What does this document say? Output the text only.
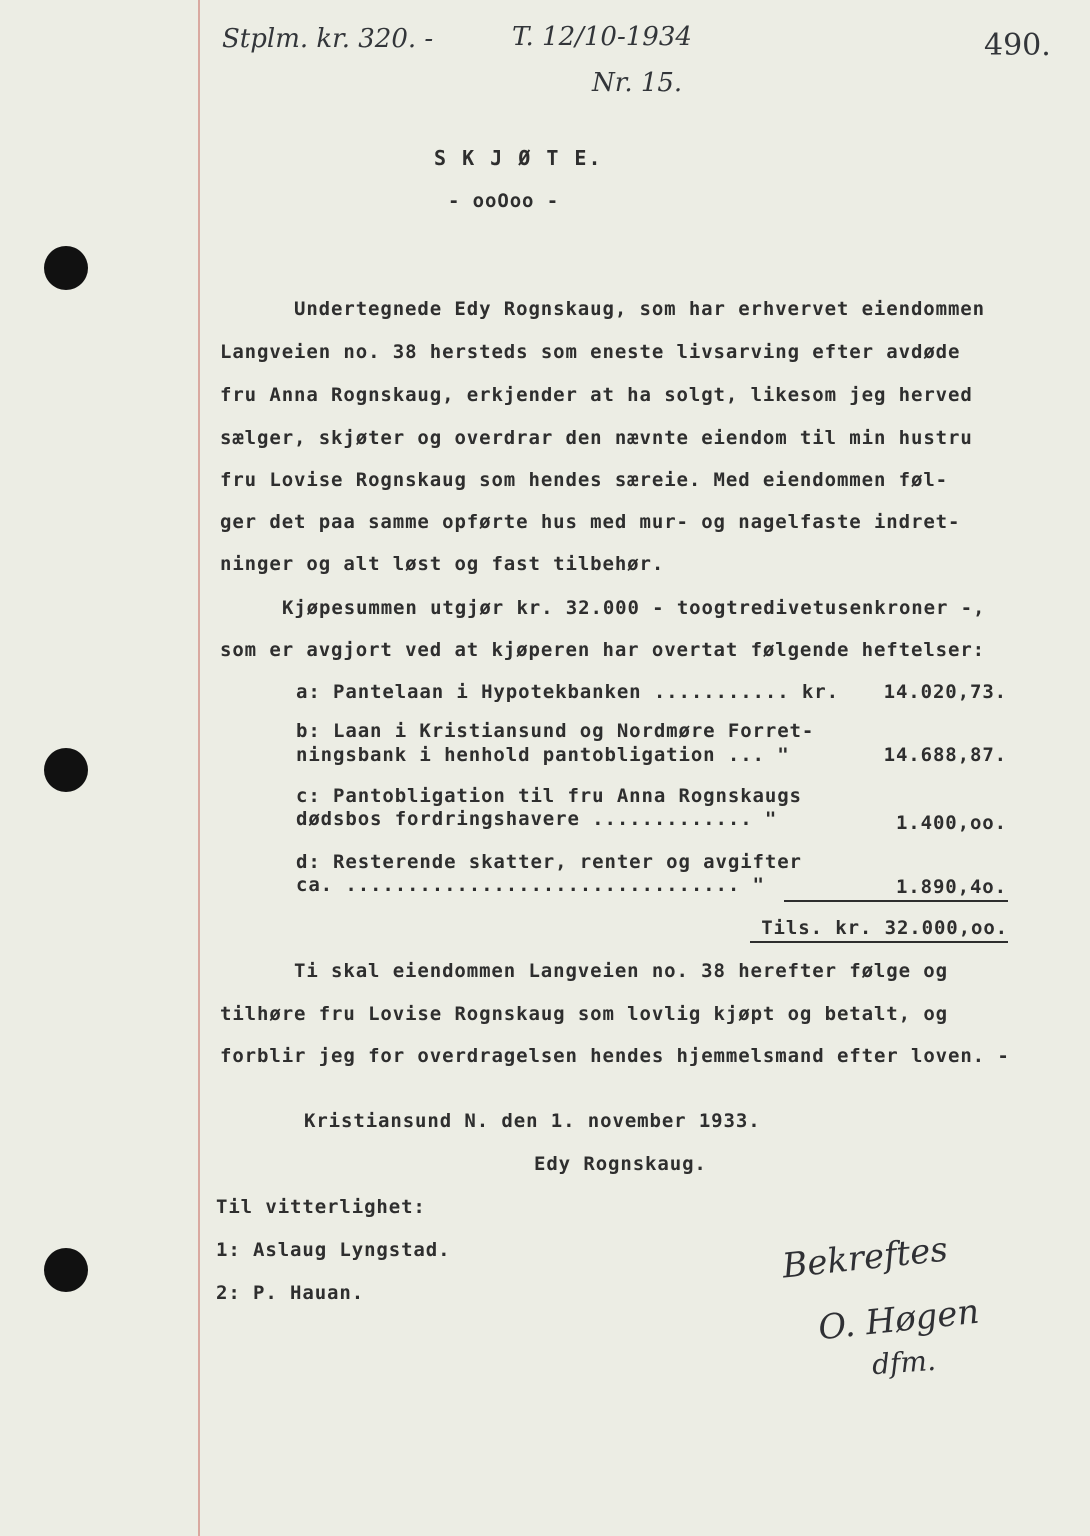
Stplm. kr. 320. -	T. 12/10-1934
Nr. 15.
490.
S K J Ø T E.
- ooOoo -
Undertegnede Edy Rognskaug, som har erhvervet eiendommen
Langveien no. 38 hersteds som eneste livsarving efter avdøde
fru Anna Rognskaug, erkjender at ha solgt, likesom jeg herved
sælger, skjøter og overdrar den nævnte eiendom til min hustru
fru Lovise Rognskaug som hendes særeie. Med eiendommen føl-
ger det paa samme opførte hus med mur- og nagelfaste indret-
ninger og alt løst og fast tilbehør.
Kjøpesummen utgjør kr. 32.000 - toogtredivetusenkroner -,
som er avgjort ved at kjøperen har overtat følgende heftelser:
a: Pantelaan i Hypotekbanken ........... kr.	14.020,73.
b: Laan i Kristiansund og Nordmøre Forret-
ningsbank i henhold pantobligation ... "	14.688,87.
c: Pantobligation til fru Anna Rognskaugs
dødsbos fordringshavere ............. "	1.400,oo.
d: Resterende skatter, renter og avgifter
ca. ................................ "	1.890,4o.
Tils. kr. 32.000,oo.
Ti skal eiendommen Langveien no. 38 herefter følge og
tilhøre fru Lovise Rognskaug som lovlig kjøpt og betalt, og
forblir jeg for overdragelsen hendes hjemmelsmand efter loven. -
Kristiansund N. den 1. november 1933.
Edy Rognskaug.
Til vitterlighet:
1: Aslaug Lyngstad.
2: P. Hauan.
Bekreftes
O. Høgen
dfm.
